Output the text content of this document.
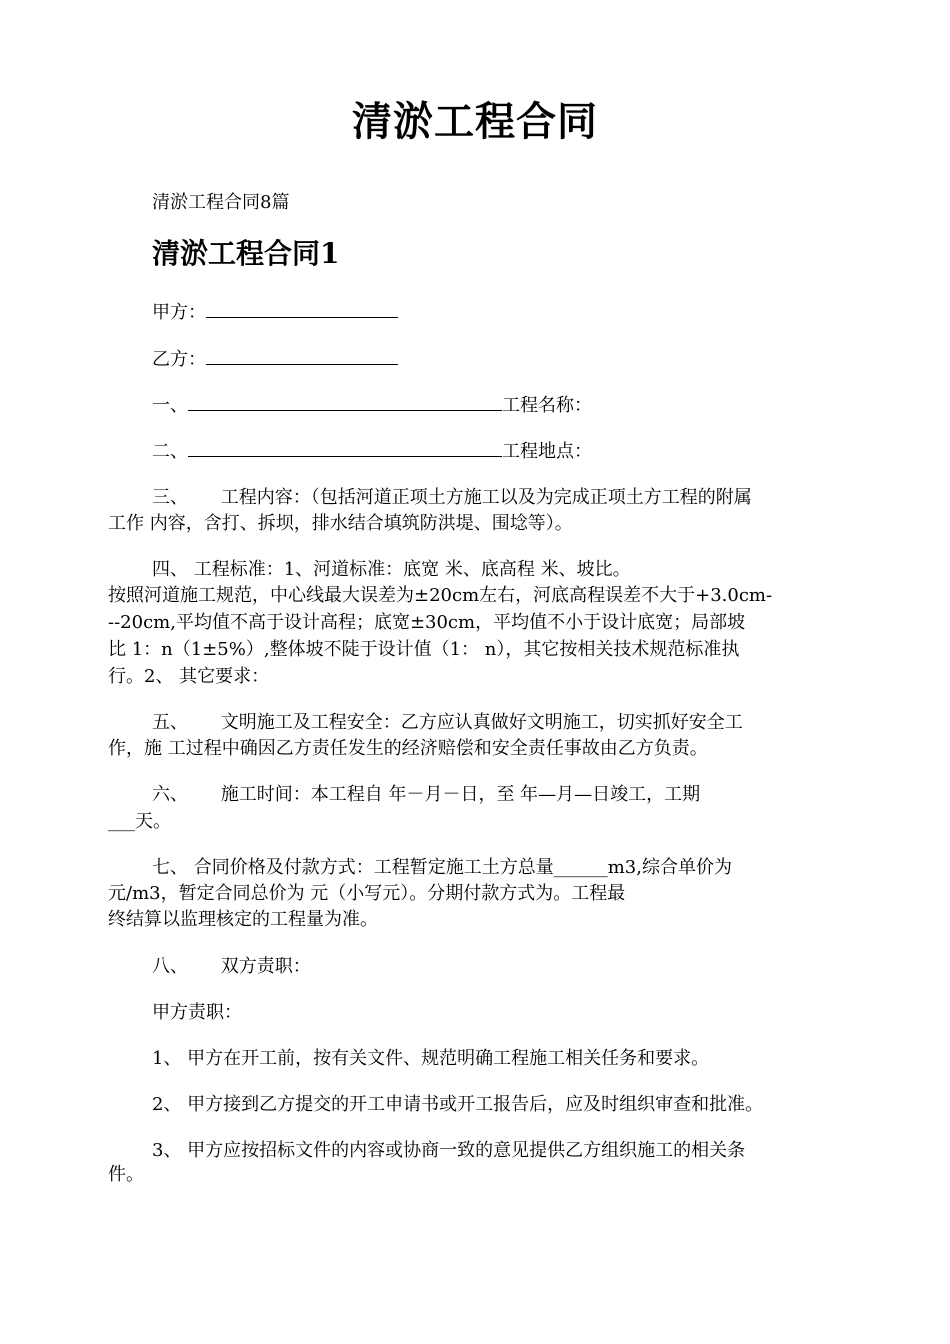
清淤工程合同
清淤工程合同8篇
清淤工程合同1
甲方：
乙方：
一、	工程名称：
二、	工程地点：
三、　　 工程内容：（包括河道正项土方施工以及为完成正项土方工程的附属
工作 内容，含打、拆坝，排水结合填筑防洪堤、围埝等）。
四、 工程标准：1、河道标准：底宽 米、底高程 米、坡比。
按照河道施工规范，中心线最大误差为±20cm左右，河底高程误差不大于+3.0cm-
--20cm,平均值不高于设计高程；底宽±30cm，平均值不小于设计底宽；局部坡
比 1：n（1±5%）,整体坡不陡于设计值（1： n），其它按相关技术规范标准执
行。2、 其它要求：
五、　　 文明施工及工程安全：乙方应认真做好文明施工，切实抓好安全工
作，施 工过程中确因乙方责任发生的经济赔偿和安全责任事故由乙方负责。
六、　　 施工时间：本工程自 年－月－日，至 年—月—日竣工，工期
___天。
七、 合同价格及付款方式：工程暂定施工土方总量______m3,综合单价为
元/m3，暂定合同总价为 元（小写元）。分期付款方式为。工程最
终结算以监理核定的工程量为准。
八、　　 双方责职：
甲方责职：
1、 甲方在开工前，按有关文件、规范明确工程施工相关任务和要求。
2、 甲方接到乙方提交的开工申请书或开工报告后，应及时组织审查和批准。
3、 甲方应按招标文件的内容或协商一致的意见提供乙方组织施工的相关条
件。
